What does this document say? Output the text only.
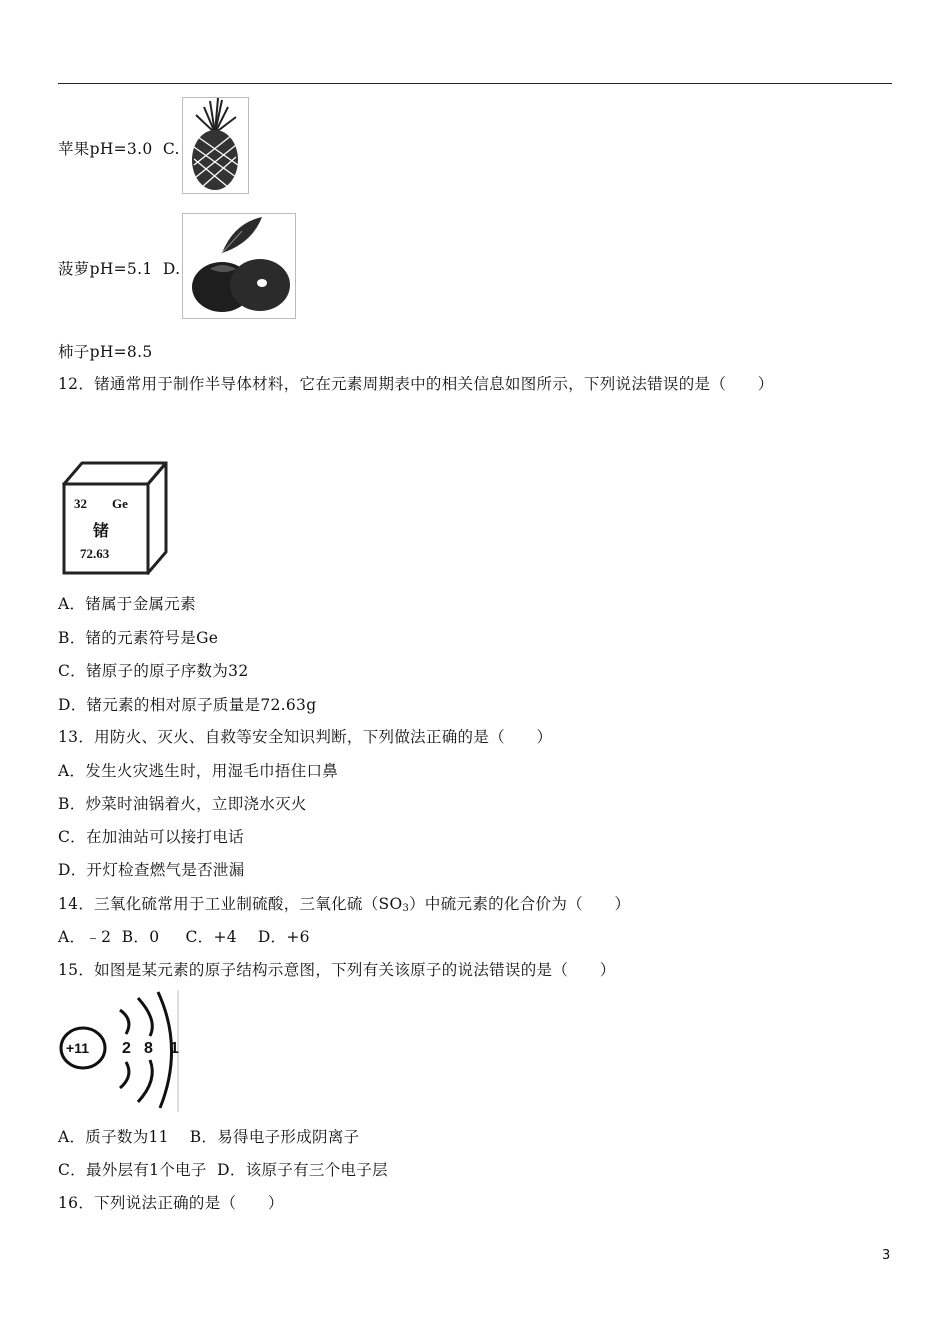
苹果pH=3.0  C.
菠萝pH=5.1  D.
柿子pH=8.5
12．锗通常用于制作半导体材料，它在元素周期表中的相关信息如图所示，下列说法错误的是（　　）
32 Ge
锗
72.63
A．锗属于金属元素
B．锗的元素符号是Ge
C．锗原子的原子序数为32
D．锗元素的相对原子质量是72.63g
13．用防火、灭火、自救等安全知识判断，下列做法正确的是（　　）
A．发生火灾逃生时，用湿毛巾捂住口鼻
B．炒菜时油锅着火，立即浇水灭火
C．在加油站可以接打电话
D．开灯检查燃气是否泄漏
14．三氧化硫常用于工业制硫酸，三氧化硫$(SO_3)$中硫元素的化合价为（　　）
A．﹣2  B．0     C．+4    D．+6
15．如图是某元素的原子结构示意图，下列有关该原子的说法错误的是（　　）
+11 2 8 1
A．质子数为11    B．易得电子形成阴离子
C．最外层有1个电子  D．该原子有三个电子层
16．下列说法正确的是（　　）
3
